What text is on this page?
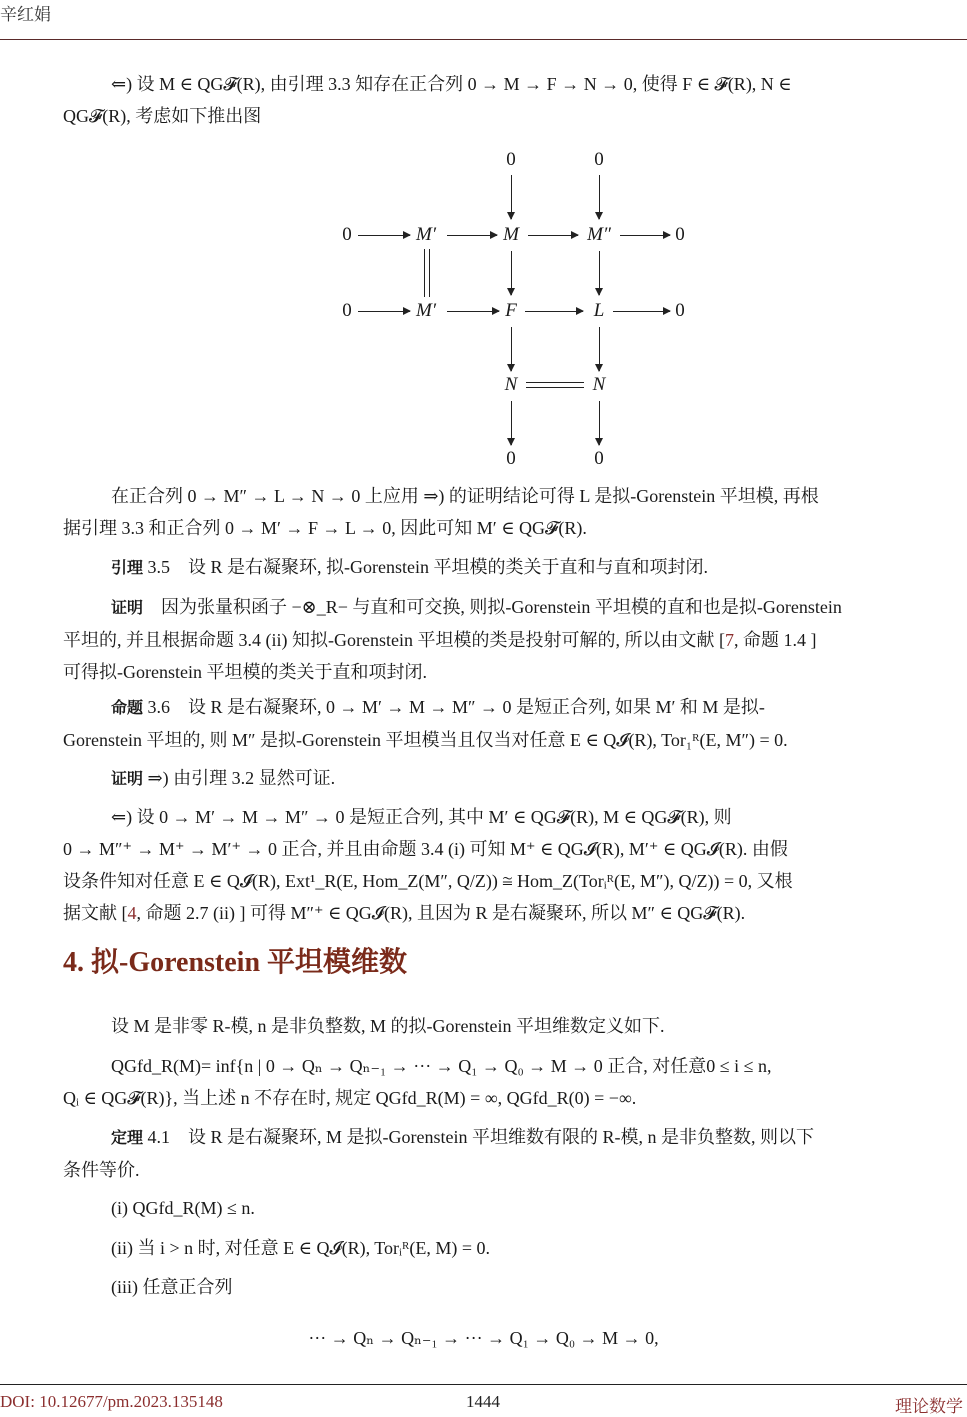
辛红娟
⇐) 设 M ∈ QG𝓕(R), 由引理 3.3 知存在正合列 0 → M → F → N → 0, 使得 F ∈ 𝓕(R), N ∈
QG𝓕(R), 考虑如下推出图
0	0
0	M′	M	M″	0
0	M′	F	L	0
N	N
0	0
在正合列 0 → M″ → L → N → 0 上应用 ⇒) 的证明结论可得 L 是拟-Gorenstein 平坦模, 再根
据引理 3.3 和正合列 0 → M′ → F → L → 0, 因此可知 M′ ∈ QG𝓕(R).
引理 3.5 设 R 是右凝聚环, 拟-Gorenstein 平坦模的类关于直和与直和项封闭.
证明 因为张量积函子 −⊗_R− 与直和可交换, 则拟-Gorenstein 平坦模的直和也是拟-Gorenstein
平坦的, 并且根据命题 3.4 (ii) 知拟-Gorenstein 平坦模的类是投射可解的, 所以由文献 [7, 命题 1.4 ]
可得拟-Gorenstein 平坦模的类关于直和项封闭.
命题 3.6 设 R 是右凝聚环, 0 → M′ → M → M″ → 0 是短正合列, 如果 M′ 和 M 是拟-
Gorenstein 平坦的, 则 M″ 是拟-Gorenstein 平坦模当且仅当对任意 E ∈ Q𝓘(R), Tor₁ᴿ(E, M″) = 0.
证明 ⇒) 由引理 3.2 显然可证.
⇐) 设 0 → M′ → M → M″ → 0 是短正合列, 其中 M′ ∈ QG𝓕(R), M ∈ QG𝓕(R), 则
0 → M″⁺ → M⁺ → M′⁺ → 0 正合, 并且由命题 3.4 (i) 可知 M⁺ ∈ QG𝓘(R), M′⁺ ∈ QG𝓘(R). 由假
设条件知对任意 E ∈ Q𝓘(R), Ext¹_R(E, Hom_Z(M″, Q/Z)) ≅ Hom_Z(Torᵢᴿ(E, M″), Q/Z)) = 0, 又根
据文献 [4, 命题 2.7 (ii) ] 可得 M″⁺ ∈ QG𝓘(R), 且因为 R 是右凝聚环, 所以 M″ ∈ QG𝓕(R).
4. 拟-Gorenstein 平坦模维数
设 M 是非零 R-模, n 是非负整数, M 的拟-Gorenstein 平坦维数定义如下.
QGfd_R(M)= inf{n | 0 → Qₙ → Qₙ₋₁ → ··· → Q₁ → Q₀ → M → 0 正合, 对任意0 ≤ i ≤ n,
Qᵢ ∈ QG𝓕(R)}, 当上述 n 不存在时, 规定 QGfd_R(M) = ∞, QGfd_R(0) = −∞.
定理 4.1 设 R 是右凝聚环, M 是拟-Gorenstein 平坦维数有限的 R-模, n 是非负整数, 则以下
条件等价.
(i) QGfd_R(M) ≤ n.
(ii) 当 i > n 时, 对任意 E ∈ Q𝓘(R), Torᵢᴿ(E, M) = 0.
(iii) 任意正合列
··· → Qₙ → Qₙ₋₁ → ··· → Q₁ → Q₀ → M → 0,
DOI: 10.12677/pm.2023.135148	1444	理论数学
